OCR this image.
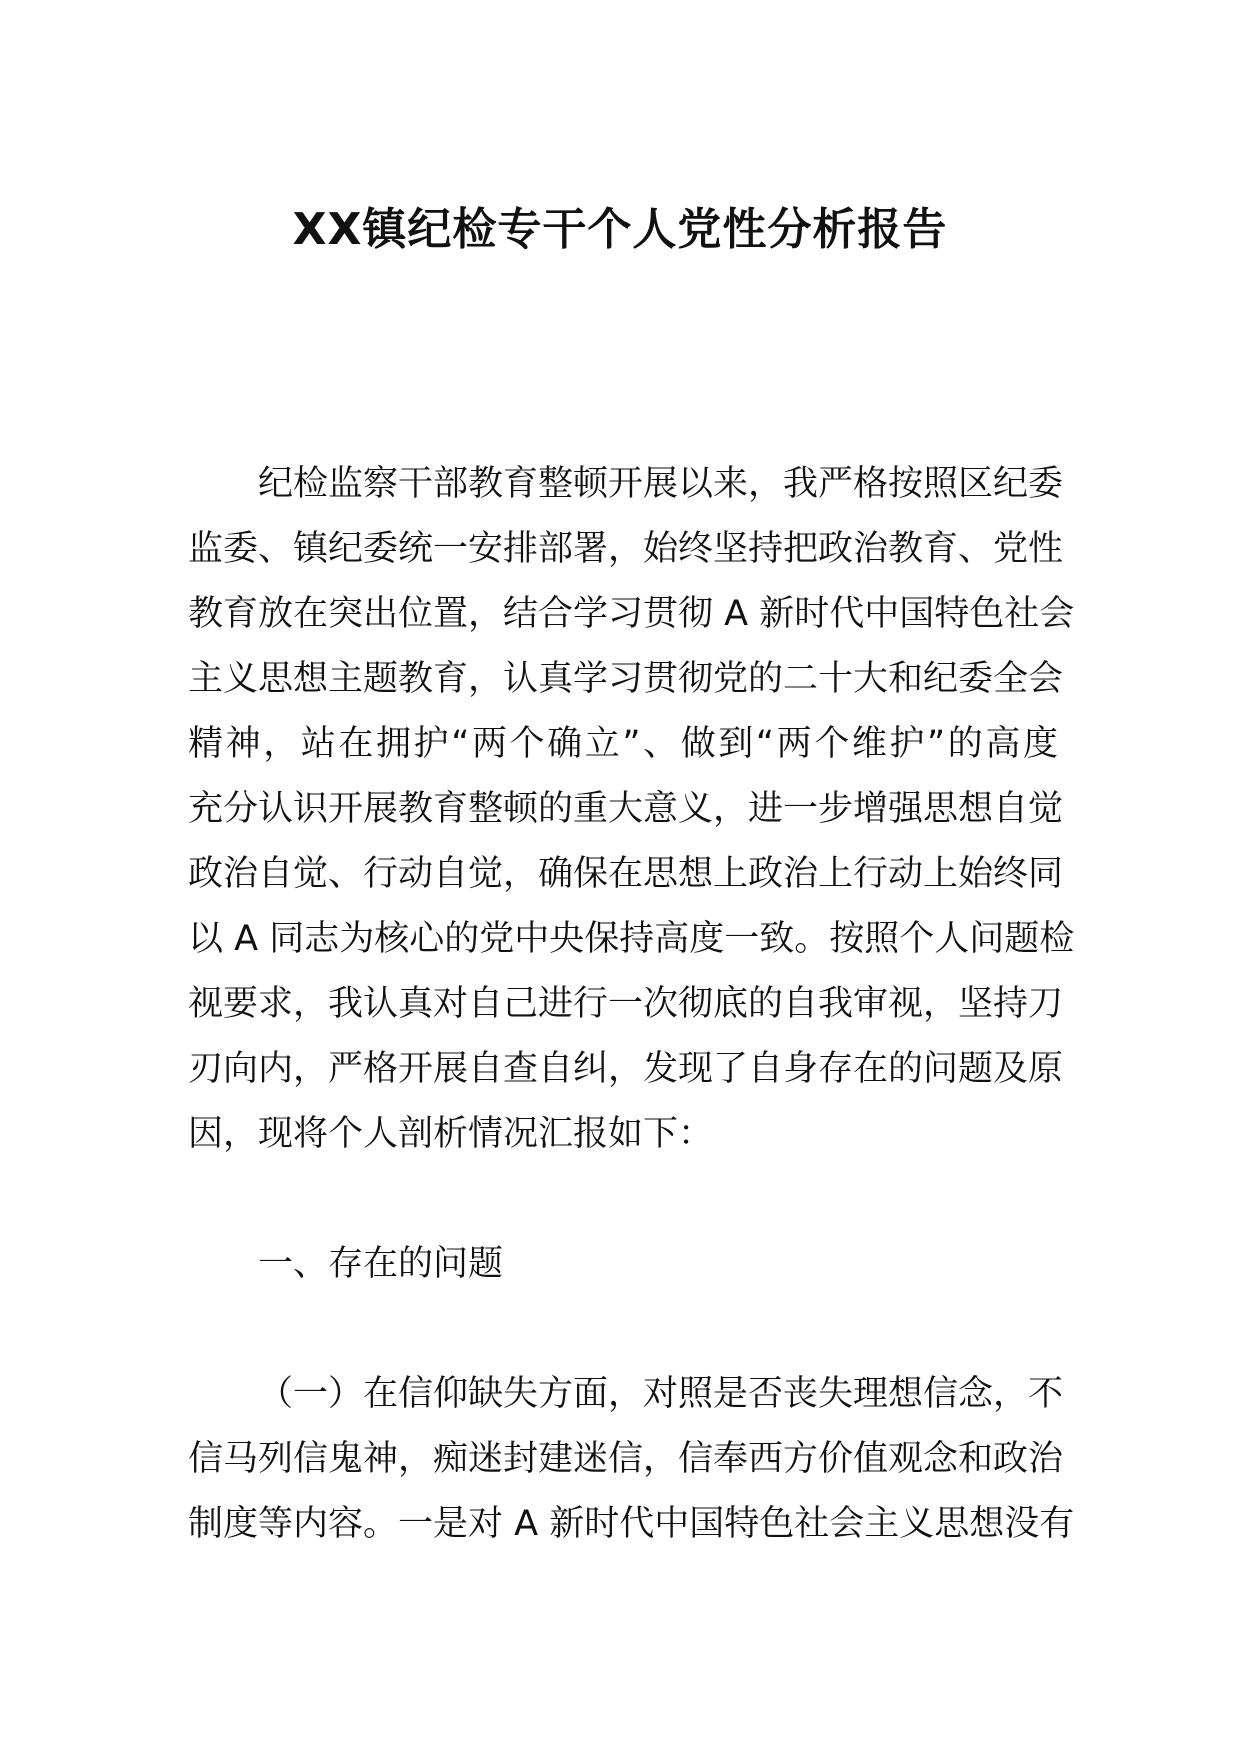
XX镇纪检专干个人党性分析报告
纪检监察干部教育整顿开展以来，我严格按照区纪委
监委、镇纪委统一安排部署，始终坚持把政治教育、党性
教育放在突出位置，结合学习贯彻 A 新时代中国特色社会
主义思想主题教育，认真学习贯彻党的二十大和纪委全会
精神，站在拥护“两个确立”、做到“两个维护”的高度
充分认识开展教育整顿的重大意义，进一步增强思想自觉
政治自觉、行动自觉，确保在思想上政治上行动上始终同
以 A 同志为核心的党中央保持高度一致。按照个人问题检
视要求，我认真对自己进行一次彻底的自我审视，坚持刀
刃向内，严格开展自查自纠，发现了自身存在的问题及原
因，现将个人剖析情况汇报如下：
一、存在的问题
（一）在信仰缺失方面，对照是否丧失理想信念，不
信马列信鬼神，痴迷封建迷信，信奉西方价值观念和政治
制度等内容。一是对 A 新时代中国特色社会主义思想没有
